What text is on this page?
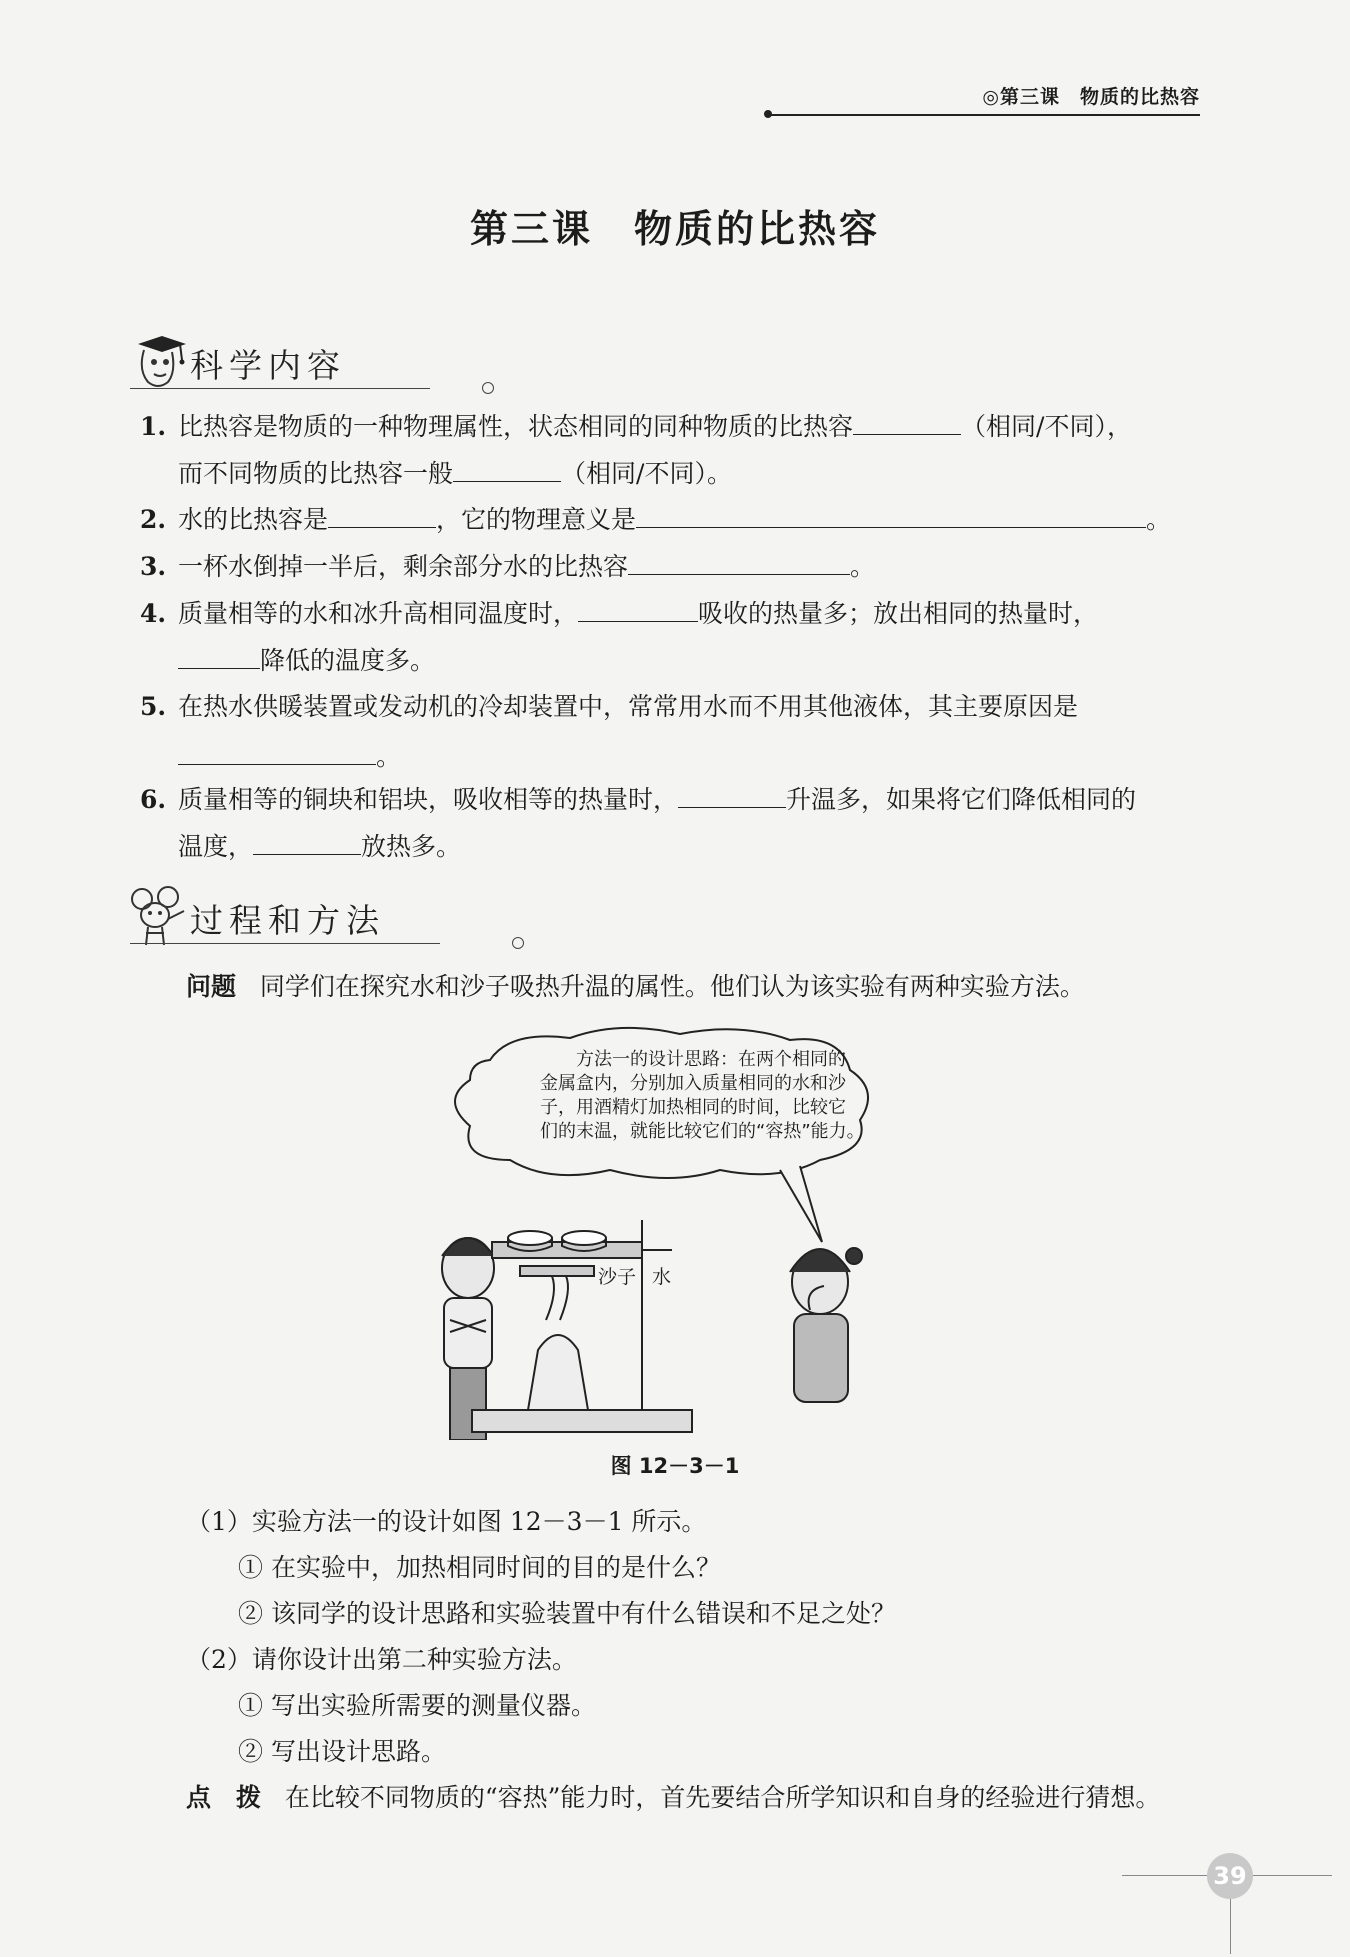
◎第三课　物质的比热容
第三课　物质的比热容
科学内容
1. 比热容是物质的一种物理属性，状态相同的同种物质的比热容	（相同/不同），
而不同物质的比热容一般	（相同/不同）。
2. 水的比热容是	，它的物理意义是	。
3. 一杯水倒掉一半后，剩余部分水的比热容	。
4. 质量相等的水和冰升高相同温度时，	吸收的热量多；放出相同的热量时，
降低的温度多。
5. 在热水供暖装置或发动机的冷却装置中，常常用水而不用其他液体，其主要原因是
。
6. 质量相等的铜块和铝块，吸收相等的热量时，	升温多，如果将它们降低相同的
温度，	放热多。
过程和方法
问题 同学们在探究水和沙子吸热升温的属性。他们认为该实验有两种实验方法。
方法一的设计思路：在两个相同的
金属盒内，分别加入质量相同的水和沙
子，用酒精灯加热相同的时间，比较它
们的末温，就能比较它们的“容热”能力。
沙子 水
图 12－3－1
（1）实验方法一的设计如图 12－3－1 所示。
① 在实验中，加热相同时间的目的是什么？
② 该同学的设计思路和实验装置中有什么错误和不足之处？
（2）请你设计出第二种实验方法。
① 写出实验所需要的测量仪器。
② 写出设计思路。
点　拨 在比较不同物质的“容热”能力时，首先要结合所学知识和自身的经验进行猜想。
39
